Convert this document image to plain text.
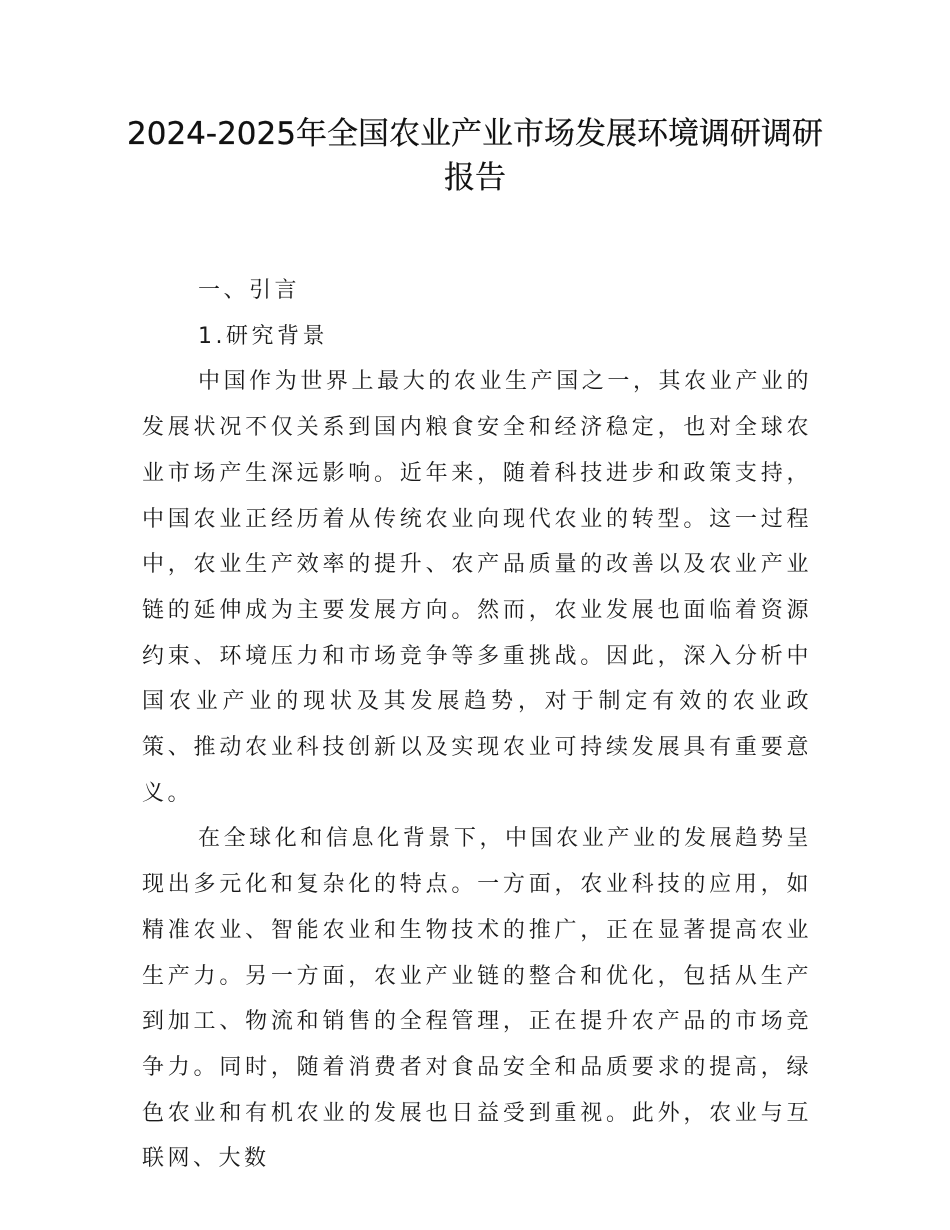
2024-2025年全国农业产业市场发展环境调研调研报告

一、引言

1.研究背景

中国作为世界上最大的农业生产国之一，其农业产业的发展状况不仅关系到国内粮食安全和经济稳定，也对全球农业市场产生深远影响。近年来，随着科技进步和政策支持，中国农业正经历着从传统农业向现代农业的转型。这一过程中，农业生产效率的提升、农产品质量的改善以及农业产业链的延伸成为主要发展方向。然而，农业发展也面临着资源约束、环境压力和市场竞争等多重挑战。因此，深入分析中国农业产业的现状及其发展趋势，对于制定有效的农业政策、推动农业科技创新以及实现农业可持续发展具有重要意义。

在全球化和信息化背景下，中国农业产业的发展趋势呈现出多元化和复杂化的特点。一方面，农业科技的应用，如精准农业、智能农业和生物技术的推广，正在显著提高农业生产力。另一方面，农业产业链的整合和优化，包括从生产到加工、物流和销售的全程管理，正在提升农产品的市场竞争力。同时，随着消费者对食品安全和品质要求的提高，绿色农业和有机农业的发展也日益受到重视。此外，农业与互联网、大数
